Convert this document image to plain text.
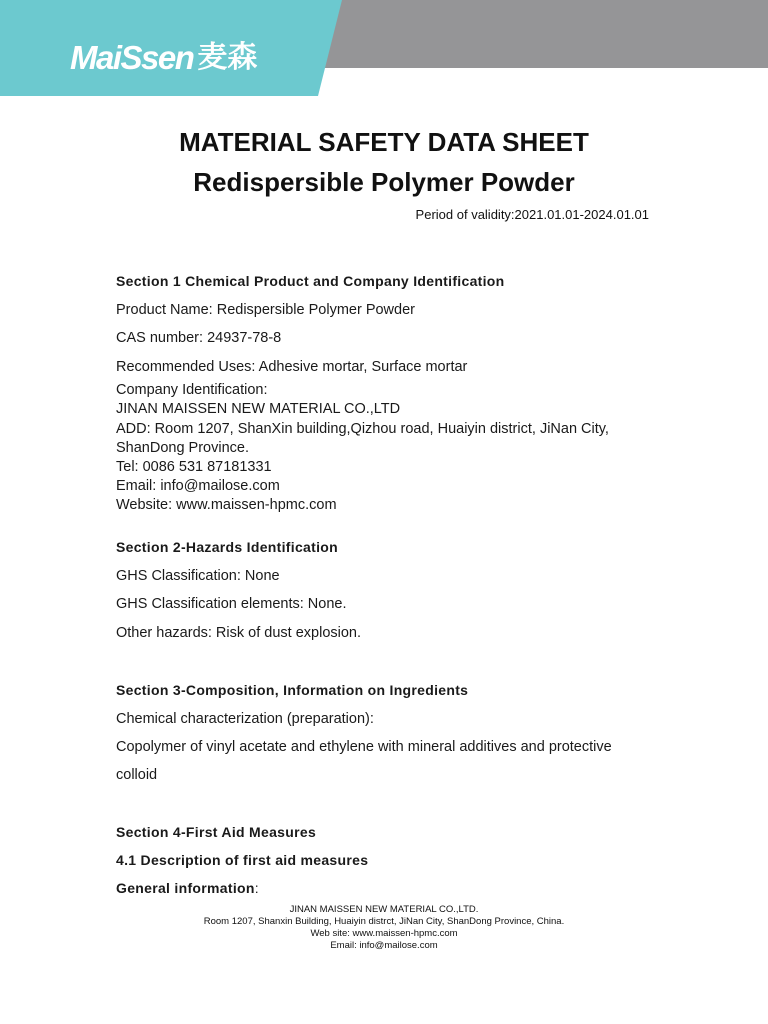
MaiSsen 麦森
MATERIAL SAFETY DATA SHEET
Redispersible Polymer Powder
Period of validity:2021.01.01-2024.01.01
Section 1 Chemical Product and Company Identification
Product Name: Redispersible Polymer Powder
CAS number: 24937-78-8
Recommended Uses: Adhesive mortar, Surface mortar
Company Identification:
JINAN MAISSEN NEW MATERIAL CO.,LTD
ADD: Room 1207, ShanXin building,Qizhou road, Huaiyin district, JiNan City,
ShanDong Province.
Tel: 0086 531 87181331
Email: info@mailose.com
Website: www.maissen-hpmc.com
Section 2-Hazards Identification
GHS Classification: None
GHS Classification elements: None.
Other hazards: Risk of dust explosion.
Section 3-Composition, Information on Ingredients
Chemical characterization (preparation):
Copolymer of vinyl acetate and ethylene with mineral additives and protective
colloid
Section 4-First Aid Measures
4.1 Description of first aid measures
General information:
JINAN MAISSEN NEW MATERIAL CO.,LTD.
Room 1207, Shanxin Building, Huaiyin distrct, JiNan City, ShanDong Province, China.
Web site: www.maissen-hpmc.com
Email: info@mailose.com
